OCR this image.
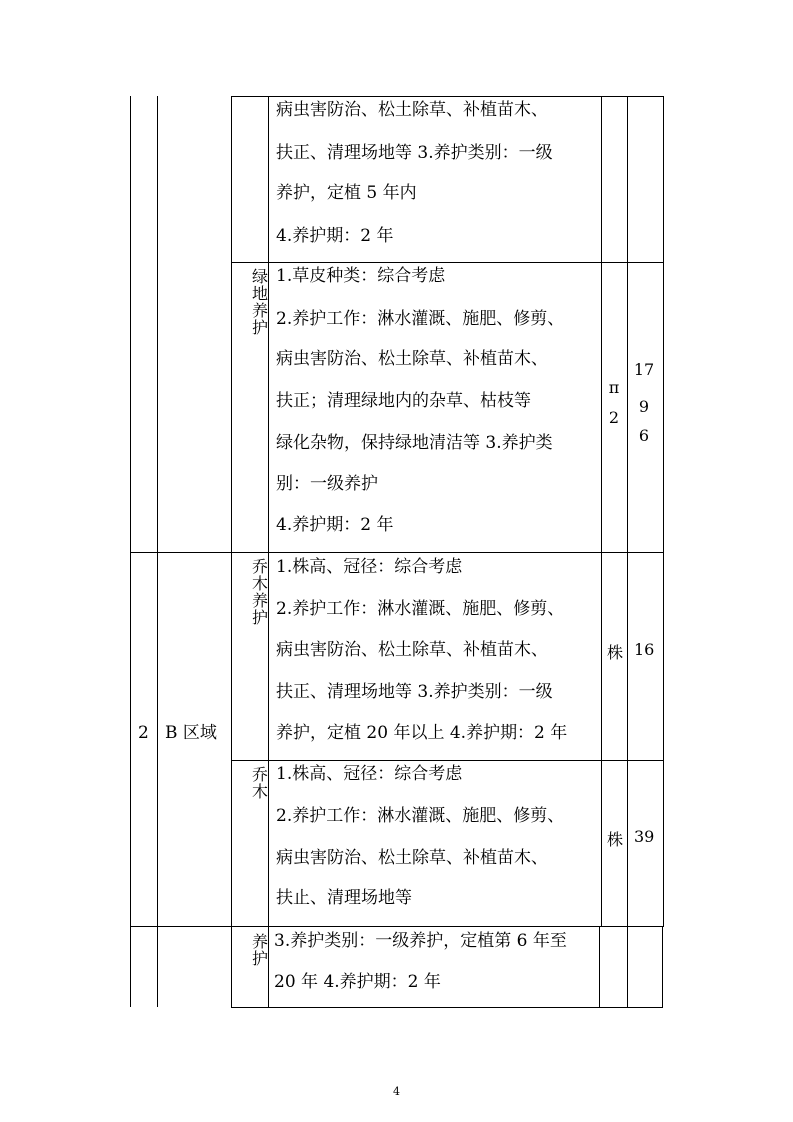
病虫害防治、松土除草、补植苗木、
扶正、清理场地等 3.养护类别：一级
养护，定植 5 年内
4.养护期：2 年
绿地养护
1.草皮种类：综合考虑
2.养护工作：淋水灌溉、施肥、修剪、
病虫害防治、松土除草、补植苗木、
扶正；清理绿地内的杂草、枯枝等
绿化杂物，保持绿地清洁等 3.养护类
别：一级养护
4.养护期：2 年
π
2
17
9
6
2 B 区域
乔木养护
1.株高、冠径：综合考虑
2.养护工作：淋水灌溉、施肥、修剪、
病虫害防治、松土除草、补植苗木、
扶正、清理场地等 3.养护类别：一级
养护，定植 20 年以上 4.养护期：2 年
株 16
乔木
1.株高、冠径：综合考虑
2.养护工作：淋水灌溉、施肥、修剪、
病虫害防治、松土除草、补植苗木、
扶止、清理场地等
株 39
养护
3.养护类别：一级养护，定植第 6 年至
20 年 4.养护期：2 年
4
